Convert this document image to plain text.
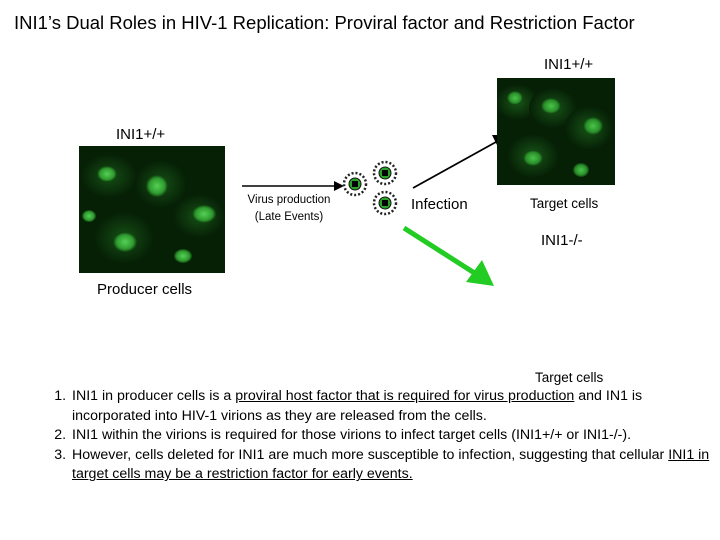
INI1’s Dual Roles in HIV-1 Replication: Proviral factor and Restriction Factor
INI1+/+
Producer cells
Virus production
(Late Events)
Infection
INI1+/+
Target cells
INI1-/-
Target cells
1. INI1 in producer cells is a proviral host factor that is required for virus production and IN1 is incorporated into HIV-1 virions as they are released from the cells.
2. INI1 within the virions is required for those virions to infect target cells (INI1+/+ or INI1-/-).
3. However, cells deleted for INI1 are much more susceptible to infection, suggesting that cellular INI1 in target cells may be a restriction factor for early events.
